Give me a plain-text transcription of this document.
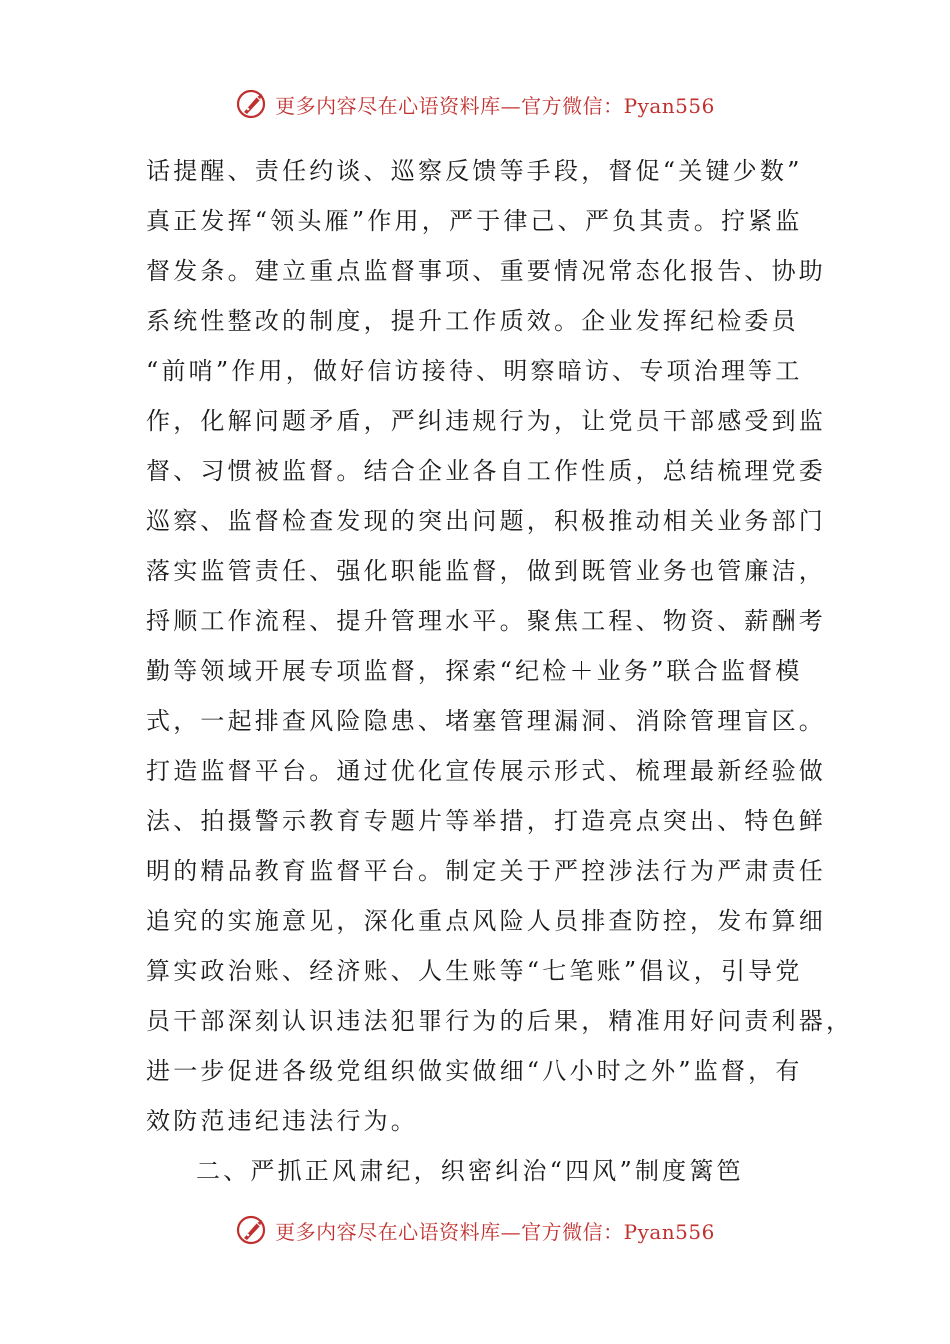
更多内容尽在心语资料库—官方微信：Pyan556
话提醒、责任约谈、巡察反馈等手段，督促“关键少数”
真正发挥“领头雁”作用，严于律己、严负其责。拧紧监
督发条。建立重点监督事项、重要情况常态化报告、协助
系统性整改的制度，提升工作质效。企业发挥纪检委员
“前哨”作用，做好信访接待、明察暗访、专项治理等工
作，化解问题矛盾，严纠违规行为，让党员干部感受到监
督、习惯被监督。结合企业各自工作性质，总结梳理党委
巡察、监督检查发现的突出问题，积极推动相关业务部门
落实监管责任、强化职能监督，做到既管业务也管廉洁，
捋顺工作流程、提升管理水平。聚焦工程、物资、薪酬考
勤等领域开展专项监督，探索“纪检＋业务”联合监督模
式，一起排查风险隐患、堵塞管理漏洞、消除管理盲区。
打造监督平台。通过优化宣传展示形式、梳理最新经验做
法、拍摄警示教育专题片等举措，打造亮点突出、特色鲜
明的精品教育监督平台。制定关于严控涉法行为严肃责任
追究的实施意见，深化重点风险人员排查防控，发布算细
算实政治账、经济账、人生账等“七笔账”倡议，引导党
员干部深刻认识违法犯罪行为的后果，精准用好问责利器，
进一步促进各级党组织做实做细“八小时之外”监督，有
效防范违纪违法行为。
二、严抓正风肃纪，织密纠治“四风”制度篱笆
更多内容尽在心语资料库—官方微信：Pyan556
